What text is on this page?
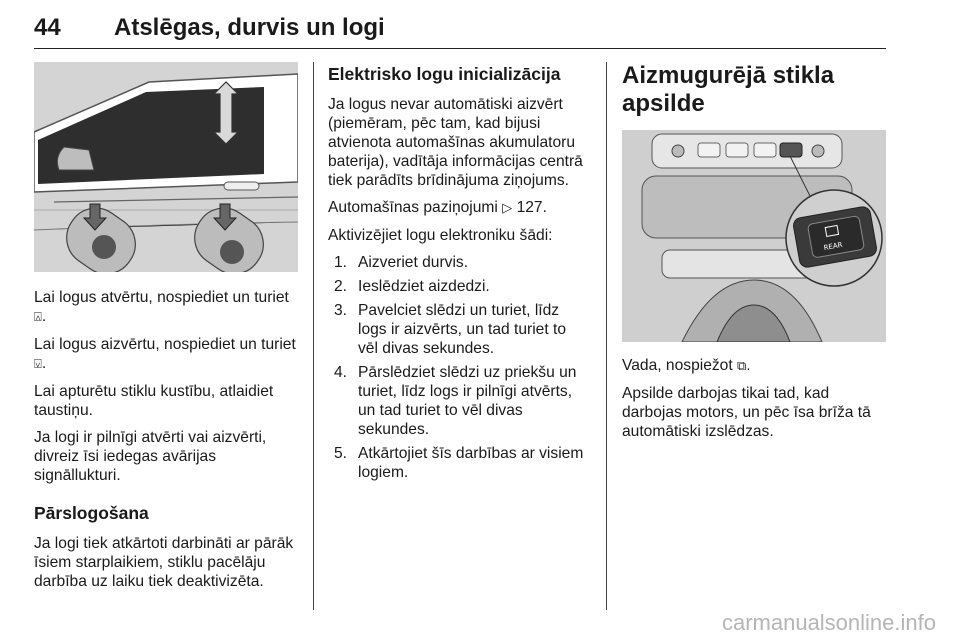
44 Atslēgas, durvis un logi

Lai logus atvērtu, nospiediet un turiet ⍓.

Lai logus aizvērtu, nospiediet un turiet ⍌.

Lai apturētu stiklu kustību, atlaidiet taustiņu.

Ja logi ir pilnīgi atvērti vai aizvērti, divreiz īsi iedegas avārijas signāllukturi.

Pārslogošana

Ja logi tiek atkārtoti darbināti ar pārāk īsiem starplaikiem, stiklu pacēlāju darbība uz laiku tiek deaktivizēta.

Elektrisko logu inicializācija

Ja logus nevar automātiski aizvērt (piemēram, pēc tam, kad bijusi atvienota automašīnas akumulatoru baterija), vadītāja informācijas centrā tiek parādīts brīdinājuma ziņojums.

Automašīnas paziņojumi ▷ 127.

Aktivizējiet logu elektroniku šādi:

1. Aizveriet durvis.
2. Ieslēdziet aizdedzi.
3. Pavelciet slēdzi un turiet, līdz logs ir aizvērts, un tad turiet to vēl divas sekundes.
4. Pārslēdziet slēdzi uz priekšu un turiet, līdz logs ir pilnīgi atvērts, un tad turiet to vēl divas sekundes.
5. Atkārtojiet šīs darbības ar visiem logiem.
Aizmugurējā stikla apsilde
REAR

Vada, nospiežot ⧉.

Apsilde darbojas tikai tad, kad darbojas motors, un pēc īsa brīža tā automātiski izslēdzas.

carmanualsonline.info
